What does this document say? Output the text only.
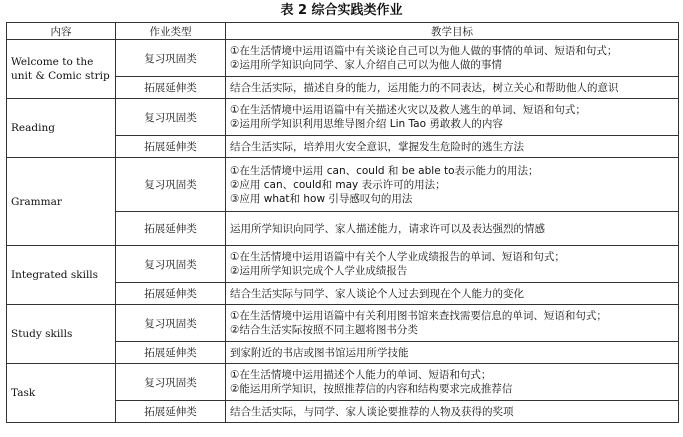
表 2 综合实践类作业
内容	作业类型	教学目标
Welcome to the unit & Comic strip	复习巩固类	①在生活情境中运用语篇中有关谈论自己可以为他人做的事情的单词、短语和句式；
②运用所学知识向同学、家人介绍自己可以为他人做的事情

	拓展延伸类	结合生活实际，描述自身的能力，运用能力的不同表达，树立关心和帮助他人的意识

Reading	复习巩固类	①在生活情境中运用语篇中有关描述火灾以及救人逃生的单词、短语和句式；
②运用所学知识利用思维导图介绍 Lin Tao 勇敢救人的内容

	拓展延伸类	结合生活实际，培养用火安全意识，掌握发生危险时的逃生方法

Grammar	复习巩固类	①在生活情境中运用 can、could 和 be able to表示能力的用法；
②应用 can、could和 may 表示许可的用法；
③应用 what和 how 引导感叹句的用法

	拓展延伸类	运用所学知识向同学、家人描述能力，请求许可以及表达强烈的情感

Integrated skills	复习巩固类	①在生活情境中运用语篇中有关个人学业成绩报告的单词、短语和句式；
②运用所学知识完成个人学业成绩报告

	拓展延伸类	结合生活实际与同学、家人谈论个人过去到现在个人能力的变化

Study skills	复习巩固类	①在生活情境中运用语篇中有关利用图书馆来查找需要信息的单词、短语和句式；
②结合生活实际按照不同主题将图书分类

	拓展延伸类	到家附近的书店或图书馆运用所学技能

Task	复习巩固类	①在生活情境中运用描述个人能力的单词、短语和句式；
②能运用所学知识，按照推荐信的内容和结构要求完成推荐信

	拓展延伸类	结合生活实际，与同学、家人谈论要推荐的人物及获得的奖项
